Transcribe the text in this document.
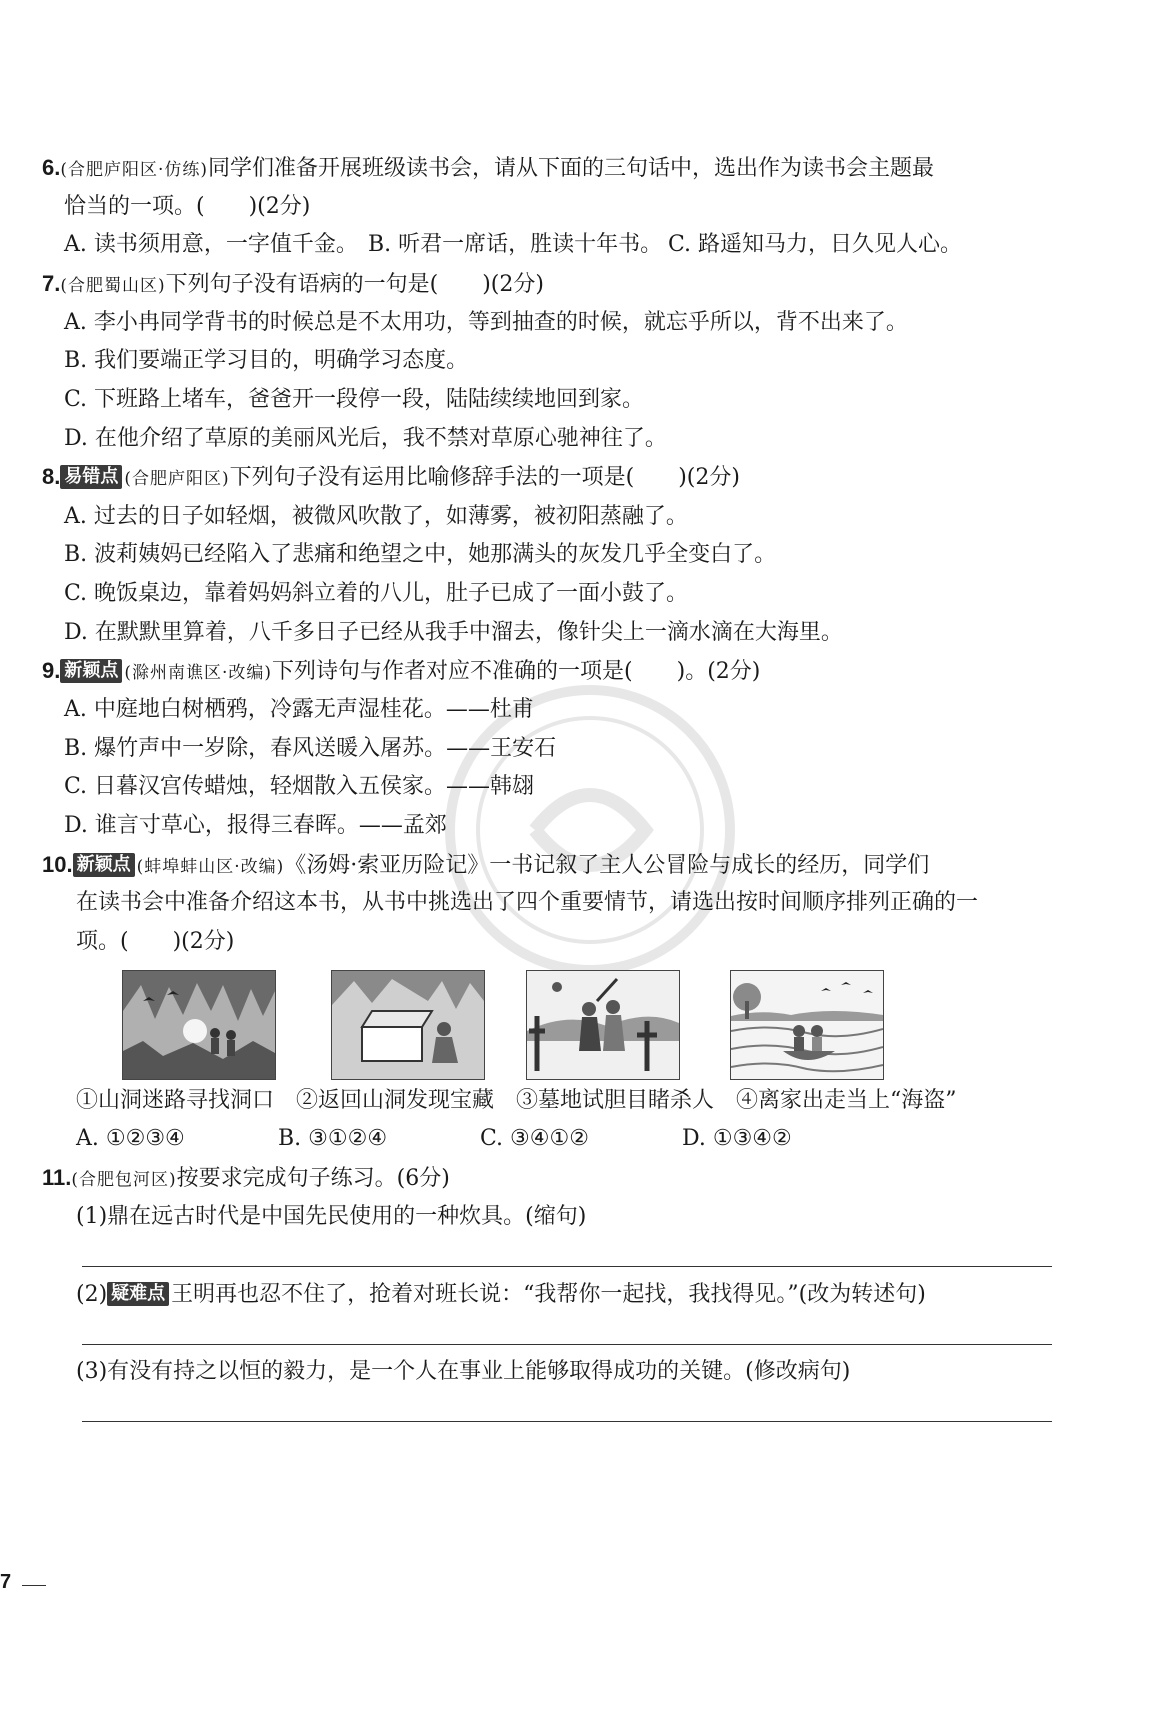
6.(合肥庐阳区·仿练)同学们准备开展班级读书会，请从下面的三句话中，选出作为读书会主题最
恰当的一项。(　　)(2分)
A. 读书须用意，一字值千金。 B. 听君一席话，胜读十年书。 C. 路遥知马力，日久见人心。
7.(合肥蜀山区)下列句子没有语病的一句是(　　)(2分)
A. 李小冉同学背书的时候总是不太用功，等到抽查的时候，就忘乎所以，背不出来了。
B. 我们要端正学习目的，明确学习态度。
C. 下班路上堵车，爸爸开一段停一段，陆陆续续地回到家。
D. 在他介绍了草原的美丽风光后，我不禁对草原心驰神往了。
8. 易错点 (合肥庐阳区)下列句子没有运用比喻修辞手法的一项是(　　)(2分)
A. 过去的日子如轻烟，被微风吹散了，如薄雾，被初阳蒸融了。
B. 波莉姨妈已经陷入了悲痛和绝望之中，她那满头的灰发几乎全变白了。
C. 晚饭桌边，靠着妈妈斜立着的八儿，肚子已成了一面小鼓了。
D. 在默默里算着，八千多日子已经从我手中溜去，像针尖上一滴水滴在大海里。
9. 新颖点 (滁州南谯区·改编)下列诗句与作者对应不准确的一项是(　　)。(2分)
A. 中庭地白树栖鸦，冷露无声湿桂花。——杜甫
B. 爆竹声中一岁除，春风送暖入屠苏。——王安石
C. 日暮汉宫传蜡烛，轻烟散入五侯家。——韩翃
D. 谁言寸草心，报得三春晖。——孟郊
10. 新颖点 (蚌埠蚌山区·改编)《汤姆·索亚历险记》一书记叙了主人公冒险与成长的经历，同学们
在读书会中准备介绍这本书，从书中挑选出了四个重要情节，请选出按时间顺序排列正确的一
项。(　　)(2分)
①山洞迷路寻找洞口 ②返回山洞发现宝藏 ③墓地试胆目睹杀人 ④离家出走当上“海盗”
A. ①②③④	B. ③①②④	C. ③④①②	D. ①③④②
11.(合肥包河区)按要求完成句子练习。(6分)
(1)鼎在远古时代是中国先民使用的一种炊具。(缩句)
(2) 疑难点 王明再也忍不住了，抢着对班长说：“我帮你一起找，我找得见。”(改为转述句)
(3)有没有持之以恒的毅力，是一个人在事业上能够取得成功的关键。(修改病句)
7
